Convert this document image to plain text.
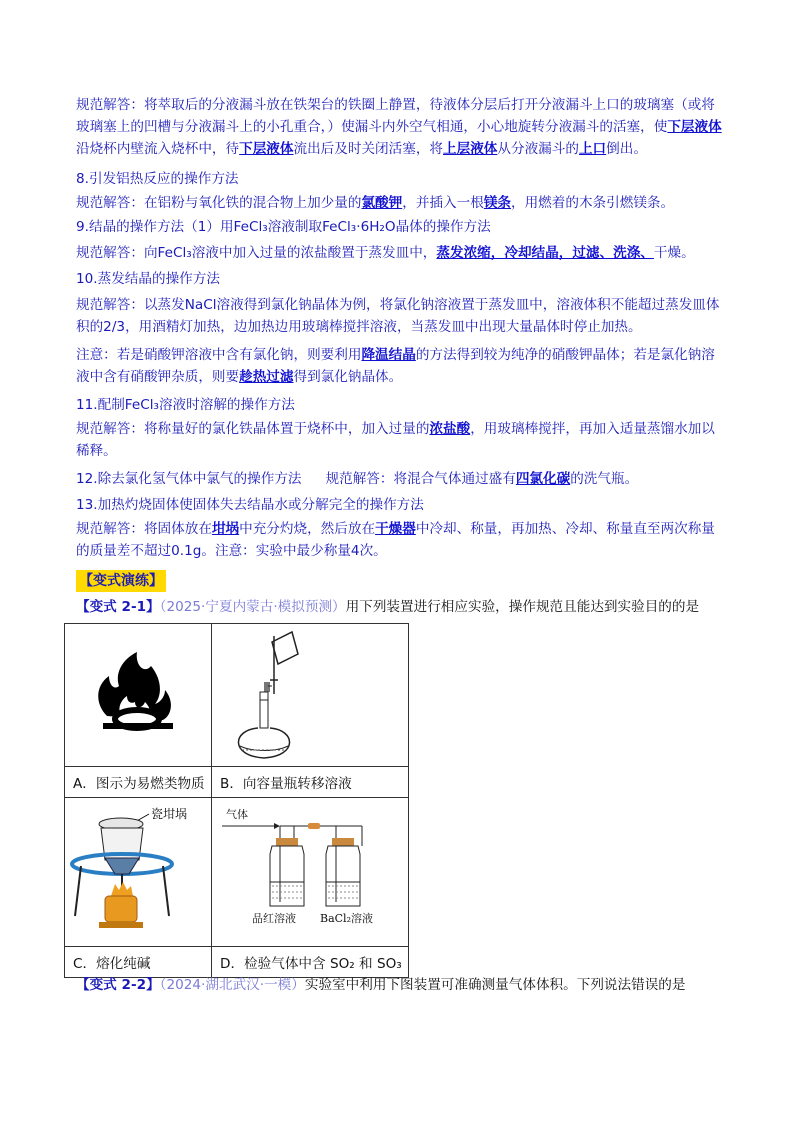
规范解答：将萃取后的分液漏斗放在铁架台的铁圈上静置，待液体分层后打开分液漏斗上口的玻璃塞（或将玻璃塞上的凹槽与分液漏斗上的小孔重合，）使漏斗内外空气相通，小心地旋转分液漏斗的活塞，使下层液体沿烧杯内壁流入烧杯中，待下层液体流出后及时关闭活塞，将上层液体从分液漏斗的上口倒出。

8.引发铝热反应的操作方法

规范解答：在铝粉与氧化铁的混合物上加少量的氯酸钾，并插入一根镁条，用燃着的木条引燃镁条。

9.结晶的操作方法（1）用FeCl₃溶液制取FeCl₃·6H₂O晶体的操作方法

规范解答：向FeCl₃溶液中加入过量的浓盐酸置于蒸发皿中，蒸发浓缩，冷却结晶，过滤、洗涤、干燥。

10.蒸发结晶的操作方法

规范解答：以蒸发NaCl溶液得到氯化钠晶体为例，将氯化钠溶液置于蒸发皿中，溶液体积不能超过蒸发皿体积的2/3，用酒精灯加热，边加热边用玻璃棒搅拌溶液，当蒸发皿中出现大量晶体时停止加热。

注意：若是硝酸钾溶液中含有氯化钠，则要利用降温结晶的方法得到较为纯净的硝酸钾晶体；若是氯化钠溶液中含有硝酸钾杂质，则要趁热过滤得到氯化钠晶体。

11.配制FeCl₃溶液时溶解的操作方法

规范解答：将称量好的氯化铁晶体置于烧杯中，加入过量的浓盐酸，用玻璃棒搅拌，再加入适量蒸馏水加以稀释。

12.除去氯化氢气体中氯气的操作方法 规范解答：将混合气体通过盛有四氯化碳的洗气瓶。

13.加热灼烧固体使固体失去结晶水或分解完全的操作方法

规范解答：将固体放在坩埚中充分灼烧，然后放在干燥器中冷却、称量，再加热、冷却、称量直至两次称量的质量差不超过0.1g。注意：实验中最少称量4次。

【变式演练】
【变式 2-1】（2025·宁夏内蒙古·模拟预测）用下列装置进行相应实验，操作规范且能达到实验目的的是

A．图示为易燃类物质	B．向容量瓶转移溶液

瓷坩埚	气体
品红溶液 BaCl₂溶液

C．熔化纯碱	D．检验气体中含 SO₂ 和 SO₃
【变式 2-2】（2024·湖北武汉·一模）实验室中利用下图装置可准确测量气体体积。下列说法错误的是
